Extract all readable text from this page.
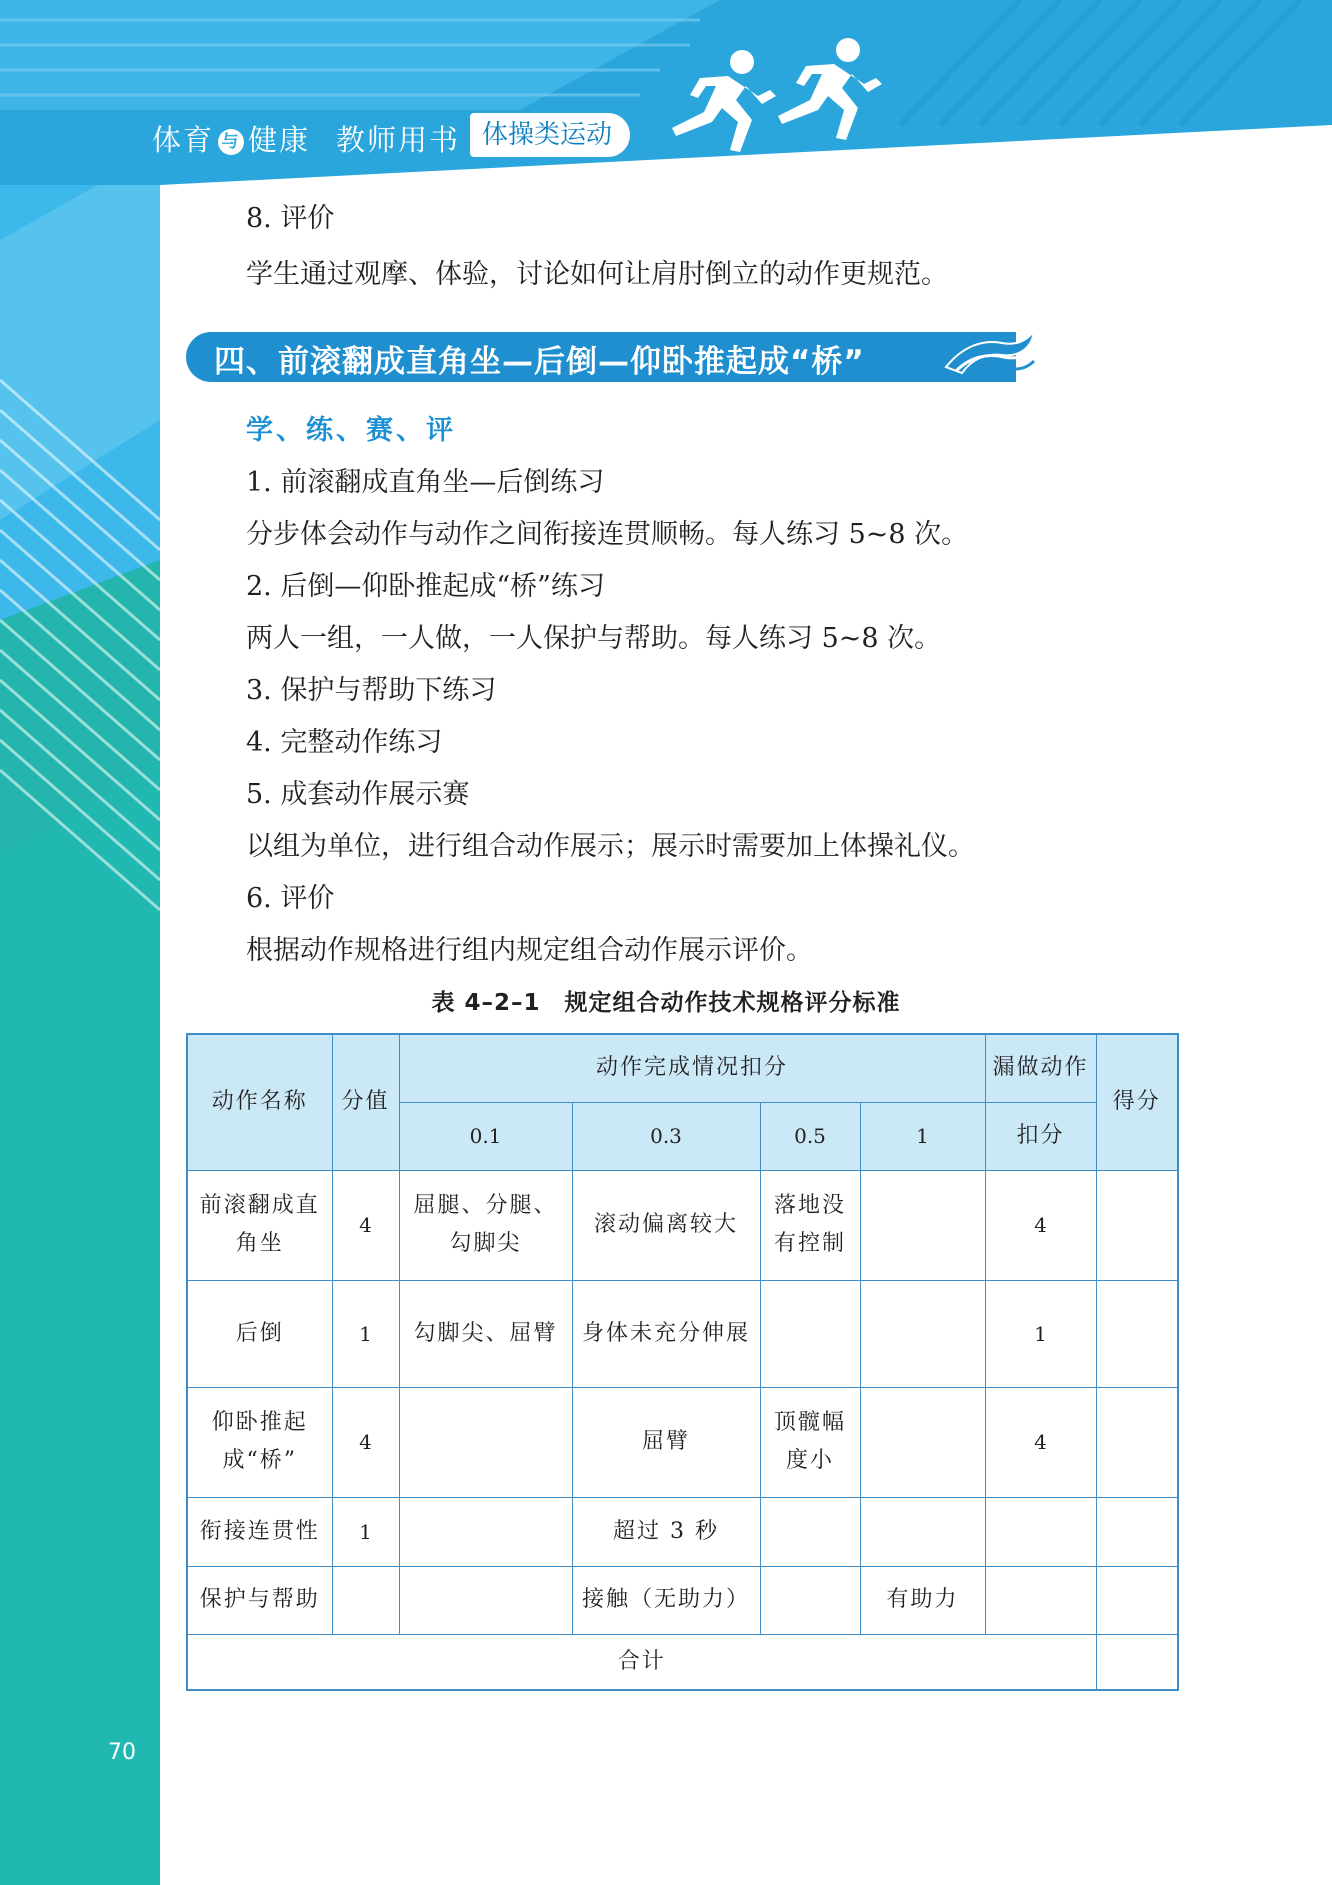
体育 与 健康 教师用书 体操类运动
8. 评价
学生通过观摩、体验，讨论如何让肩肘倒立的动作更规范。
四、前滚翻成直角坐—后倒—仰卧推起成“桥”
学、练、赛、评
1. 前滚翻成直角坐—后倒练习
分步体会动作与动作之间衔接连贯顺畅。每人练习 5~8 次。
2. 后倒—仰卧推起成“桥”练习
两人一组，一人做，一人保护与帮助。每人练习 5~8 次。
3. 保护与帮助下练习
4. 完整动作练习
5. 成套动作展示赛
以组为单位，进行组合动作展示；展示时需要加上体操礼仪。
6. 评价
根据动作规格进行组内规定组合动作展示评价。
表 4–2–1　规定组合动作技术规格评分标准
动作名称	分值	动作完成情况扣分				漏做动作	得分
		0.1	0.3	0.5	1	扣分	
前滚翻成直角坐	4	屈腿、分腿、勾脚尖	滚动偏离较大	落地没有控制		4	
后倒	1	勾脚尖、屈臂	身体未充分伸展			1	
仰卧推起成“桥”	4		屈臂	顶髋幅度小		4	
衔接连贯性	1		超过 3 秒				
保护与帮助			接触（无助力）		有助力		
合计							
70
